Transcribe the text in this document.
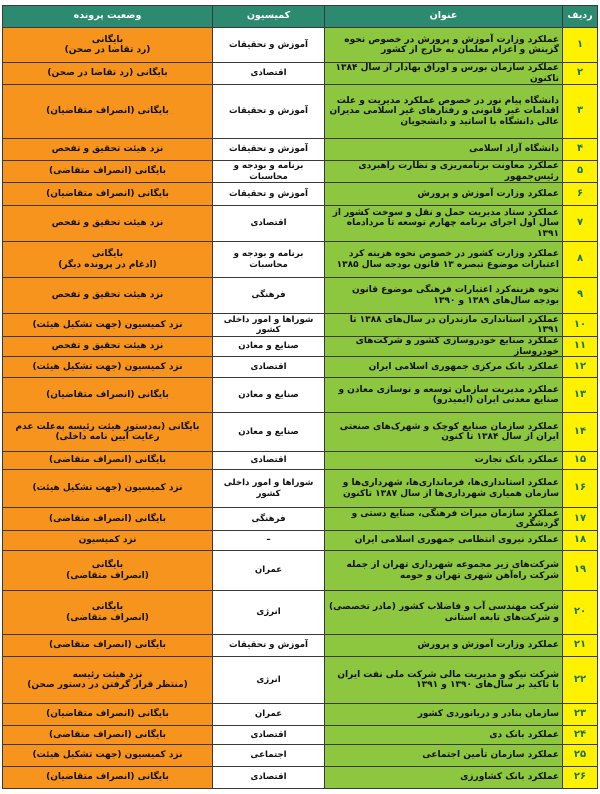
ردیف
عنوان
کمیسیون
وضعیت پرونده
۱
عملکرد وزارت آموزش و پرورش در خصوص نحوه گزینش و اعزام معلمان به خارج از کشور
آموزش و تحقیقات
بایگانی
(رد تقاضا در صحن)
۲
عملکرد سازمان بورس و اوراق بهادار از سال ۱۳۸۴ تاکنون
اقتصادی
بایگانی (رد تقاضا در صحن)
۳
دانشگاه پیام نور در خصوص عملکرد مدیریت و علت اقدامات غیر قانونی و رفتارهای غیر اسلامی مدیران عالی دانشگاه با اساتید و دانشجویان
آموزش و تحقیقات
بایگانی (انصراف متقاضیان)
۴
دانشگاه آزاد اسلامی
آموزش و تحقیقات
نزد هیئت تحقیق و تفحص
۵
عملکرد معاونت برنامه‌ریزی و نظارت راهبردی رئیس‌جمهور
برنامه و بودجه و محاسبات
بایگانی (انصراف متقاضی)
۶
عملکرد وزارت آموزش و پرورش
آموزش و تحقیقات
بایگانی (انصراف متقاضیان)
۷
عملکرد ستاد مدیریت حمل و نقل و سوخت کشور از سال اول اجرای برنامه چهارم توسعه تا مردادماه ۱۳۹۱
اقتصادی
نزد هیئت تحقیق و تفحص
۸
عملکرد وزارت کشور در خصوص نحوه هزینه کرد اعتبارات موضوع تبصره ۱۳ قانون بودجه سال ۱۳۸۵
برنامه و بودجه و محاسبات
بایگانی
(ادغام در پرونده دیگر)
۹
نحوه هزینه‌کرد اعتبارات فرهنگی موضوع قانون بودجه سال‌های ۱۳۸۹ و ۱۳۹۰
فرهنگی
نزد هیئت تحقیق و تفحص
۱۰
عملکرد استانداری مازندران در سال‌های ۱۳۸۸ تا ۱۳۹۱
شوراها و امور داخلی کشور
نزد کمیسیون (جهت تشکیل هیئت)
۱۱
عملکرد صنایع خودروسازی کشور و شرکت‌های خودروساز
صنایع و معادن
نزد هیئت تحقیق و تفحص
۱۲
عملکرد بانک مرکزی جمهوری اسلامی ایران
اقتصادی
نزد کمیسیون (جهت تشکیل هیئت)
۱۳
عملکرد مدیریت سازمان توسعه و نوسازی معادن و صنایع معدنی ایران (ایمیدرو)
صنایع و معادن
بایگانی (انصراف متقاضیان)
۱۴
عملکرد سازمان صنایع کوچک و شهرک‌های صنعتی ایران از سال ۱۳۸۴ تا کنون
صنایع و معادن
بایگانی (به‌دستور هیئت رئیسه به‌علت عدم رعایت آیین نامه داخلی)
۱۵
عملکرد بانک تجارت
اقتصادی
بایگانی (انصراف متقاضی)
۱۶
عملکرد استانداری‌ها، فرمانداری‌ها، شهرداری‌ها و سازمان همیاری شهرداری‌ها از سال ۱۳۸۷ تاکنون
شوراها و امور داخلی کشور
نزد کمیسیون (جهت تشکیل هیئت)
۱۷
عملکرد سازمان میراث فرهنگی، صنایع دستی و گردشگری
فرهنگی
بایگانی (انصراف متقاضی)
۱۸
عملکرد نیروی انتظامی جمهوری اسلامی ایران
–
نزد کمیسیون
۱۹
شرکت‌های زیر مجموعه شهرداری تهران از جمله شرکت راه‌آهن شهری تهران و حومه
عمران
بایگانی
(انصراف متقاضی)
۲۰
شرکت مهندسی آب و فاضلاب کشور (مادر تخصصی) و شرکت‌های تابعه استانی
انرژی
بایگانی
(انصراف متقاضی)
۲۱
عملکرد وزارت آموزش و پرورش
آموزش و تحقیقات
بایگانی (انصراف متقاضی)
۲۲
شرکت نیکو و مدیریت مالی شرکت ملی نفت ایران با تاکید بر سال‌های ۱۳۹۰ و ۱۳۹۱
انرژی
نزد هیئت رئیسه
(منتظر قرار گرفتن در دستور صحن)
۲۳
سازمان بنادر و دریانوردی کشور
عمران
بایگانی (انصراف متقاضیان)
۲۴
عملکرد بانک دی
اقتصادی
بایگانی (انصراف متقاضی)
۲۵
عملکرد سازمان تأمین اجتماعی
اجتماعی
نزد کمیسیون (جهت تشکیل هیئت)
۲۶
عملکرد بانک کشاورزی
اقتصادی
بایگانی (انصراف متقاضیان)
